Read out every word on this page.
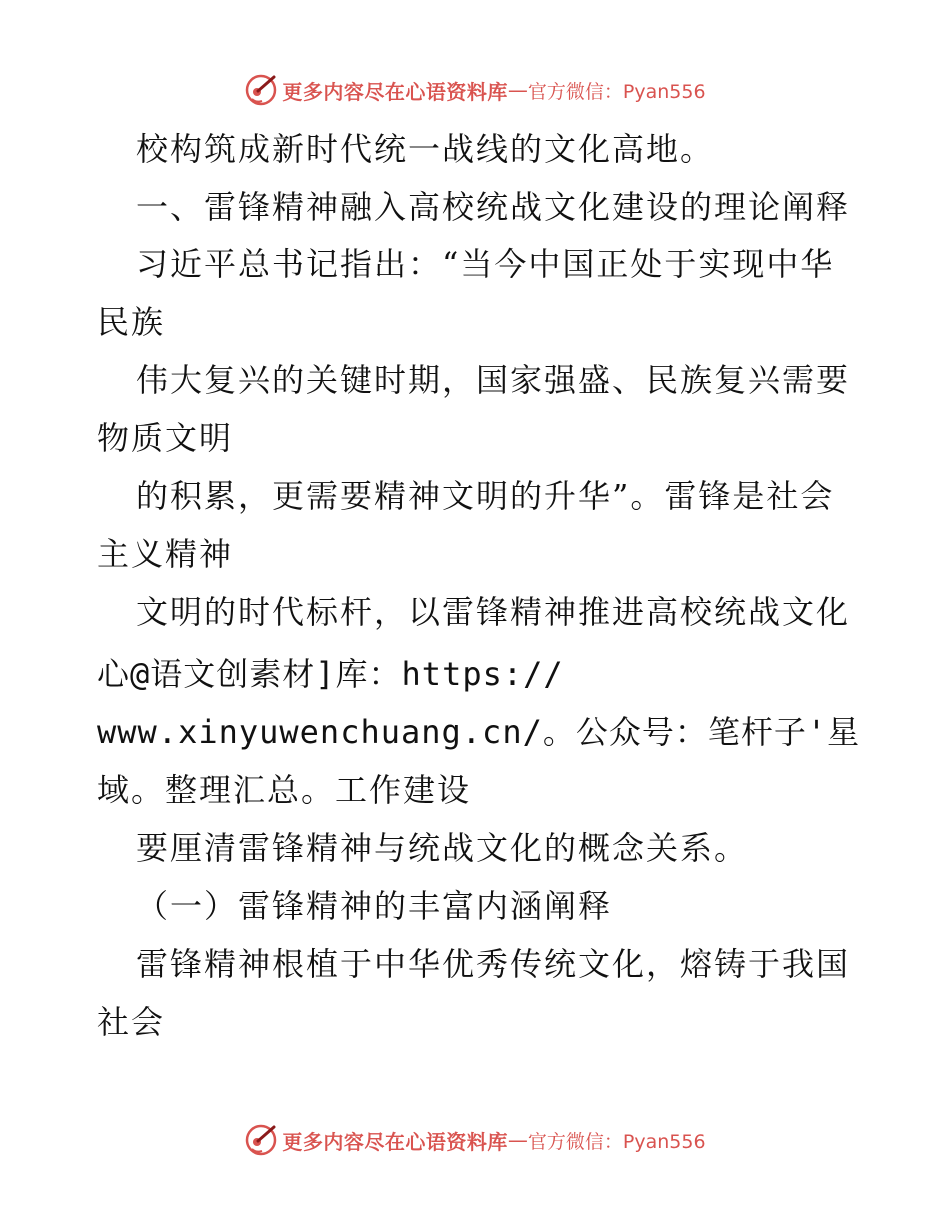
更多内容尽在心语资料库 — 官方微信：Pyan556
校构筑成新时代统一战线的文化高地。
一、雷锋精神融入高校统战文化建设的理论阐释
习近平总书记指出：“当今中国正处于实现中华
民族
伟大复兴的关键时期，国家强盛、民族复兴需要
物质文明
的积累，更需要精神文明的升华”。雷锋是社会
主义精神
文明的时代标杆，以雷锋精神推进高校统战文化
心@语文创素材]库：https://
www.xinyuwenchuang.cn/。公众号：笔杆子'星
域。整理汇总。工作建设
要厘清雷锋精神与统战文化的概念关系。
（一）雷锋精神的丰富内涵阐释
雷锋精神根植于中华优秀传统文化，熔铸于我国
社会
更多内容尽在心语资料库 — 官方微信：Pyan556
